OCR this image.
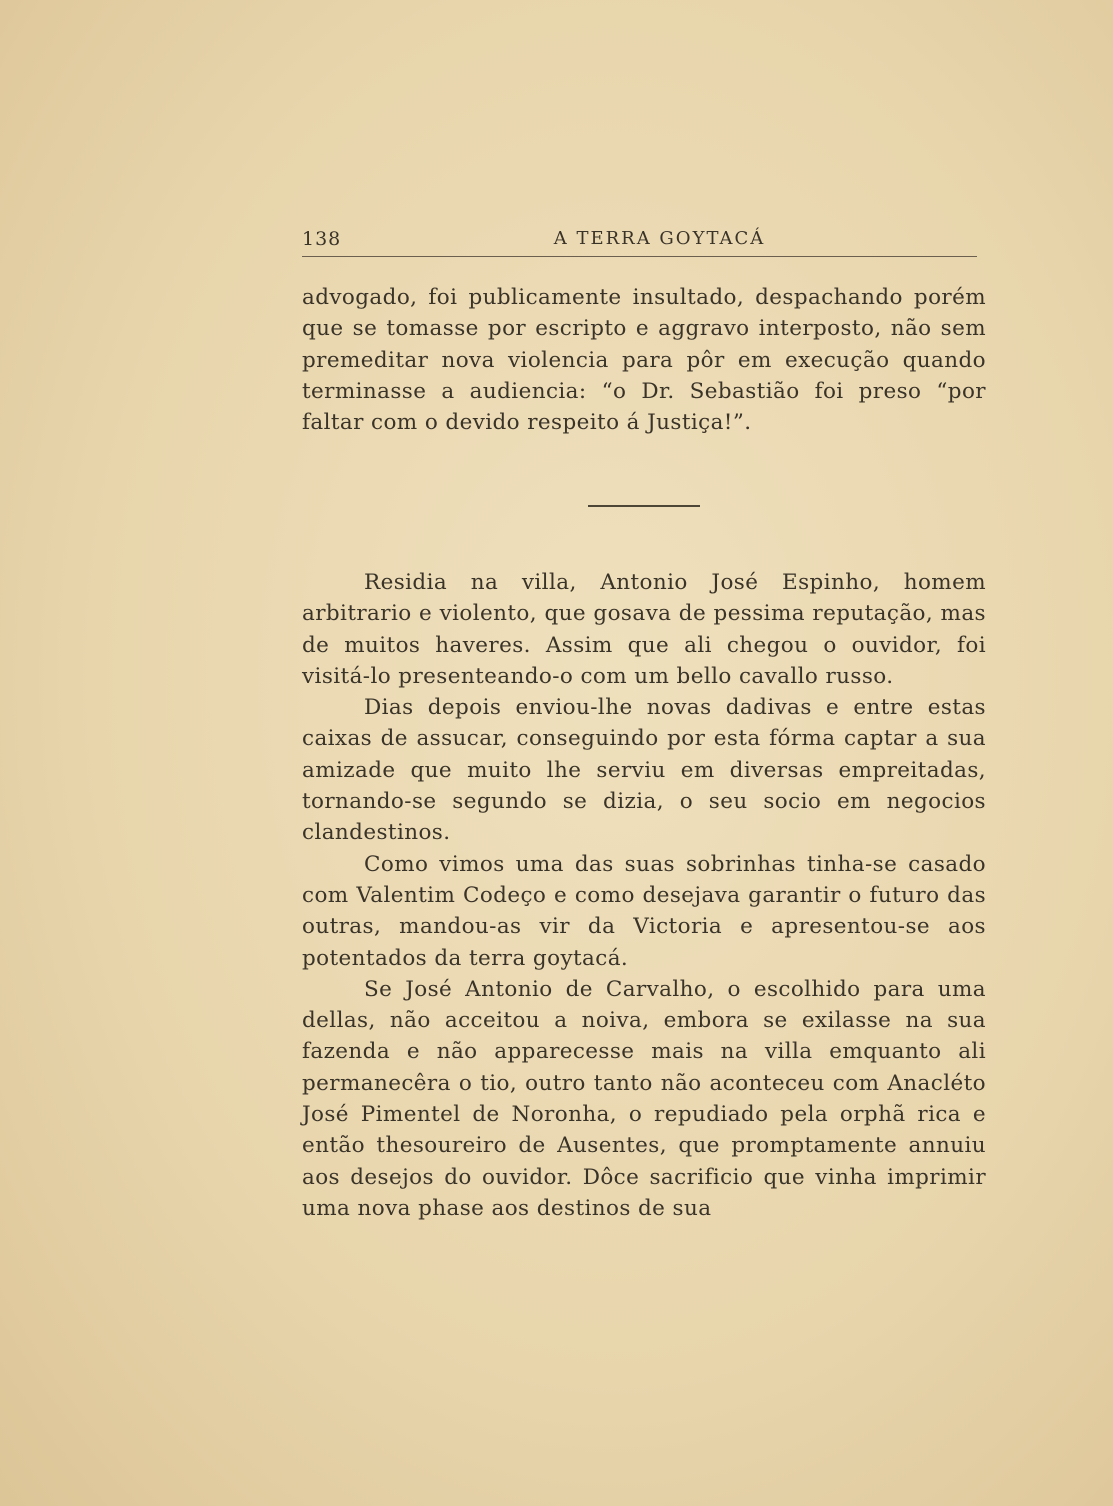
138	A TERRA GOYTACÁ

advogado, foi publicamente insultado, despachando porém que se tomasse por escripto e aggravo interposto, não sem premeditar nova violencia para pôr em execução quando terminasse a audiencia: “o Dr. Sebastião foi preso “por faltar com o devido respeito á Justiça!”.

Residia na villa, Antonio José Espinho, homem arbitrario e violento, que gosava de pessima reputação, mas de muitos haveres. Assim que ali chegou o ouvidor, foi visitá-lo presenteando-o com um bello cavallo russo.

Dias depois enviou-lhe novas dadivas e entre estas caixas de assucar, conseguindo por esta fórma captar a sua amizade que muito lhe serviu em diversas empreitadas, tornando-se segundo se dizia, o seu socio em negocios clandestinos.

Como vimos uma das suas sobrinhas tinha-se casado com Valentim Codeço e como desejava garantir o futuro das outras, mandou-as vir da Victoria e apresentou-se aos potentados da terra goytacá.

Se José Antonio de Carvalho, o escolhido para uma dellas, não acceitou a noiva, embora se exilasse na sua fazenda e não apparecesse mais na villa emquanto ali permanecêra o tio, outro tanto não aconteceu com Anacléto José Pimentel de Noronha, o repudiado pela orphã rica e então thesoureiro de Ausentes, que promptamente annuiu aos desejos do ouvidor. Dôce sacrificio que vinha imprimir uma nova phase aos destinos de sua
